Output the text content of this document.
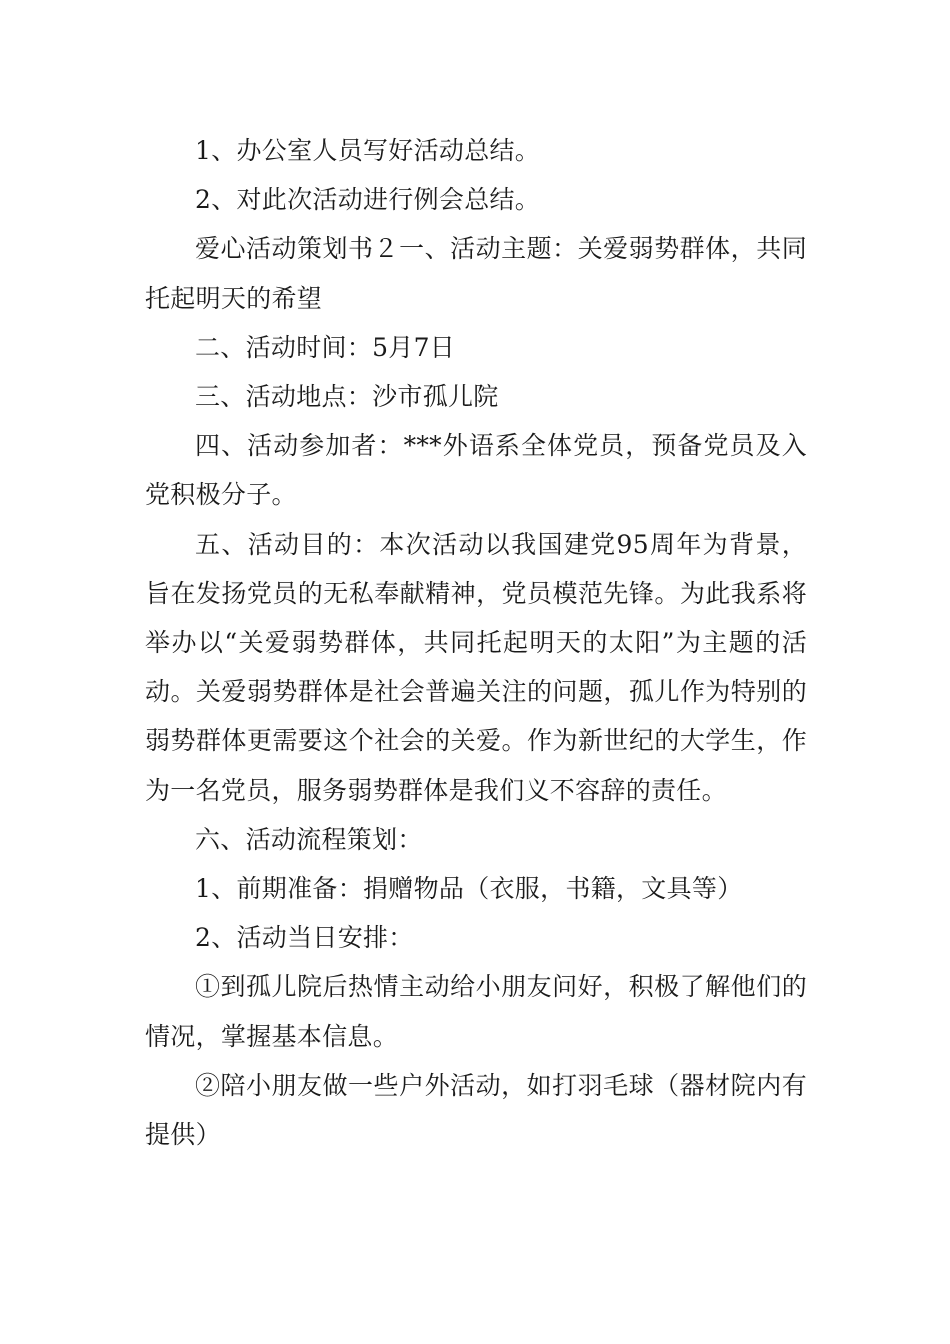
1、办公室人员写好活动总结。

2、对此次活动进行例会总结。

爱心活动策划书２一、活动主题：关爱弱势群体，共同托起明天的希望

二、活动时间：5月7日

三、活动地点：沙市孤儿院

四、活动参加者：***外语系全体党员，预备党员及入党积极分子。

五、活动目的：本次活动以我国建党95周年为背景，旨在发扬党员的无私奉献精神，党员模范先锋。为此我系将举办以“关爱弱势群体，共同托起明天的太阳”为主题的活动。关爱弱势群体是社会普遍关注的问题，孤儿作为特别的弱势群体更需要这个社会的关爱。作为新世纪的大学生，作为一名党员，服务弱势群体是我们义不容辞的责任。

六、活动流程策划：

1、前期准备：捐赠物品（衣服，书籍，文具等）

2、活动当日安排：

①到孤儿院后热情主动给小朋友问好，积极了解他们的情况，掌握基本信息。

②陪小朋友做一些户外活动，如打羽毛球（器材院内有提供）
